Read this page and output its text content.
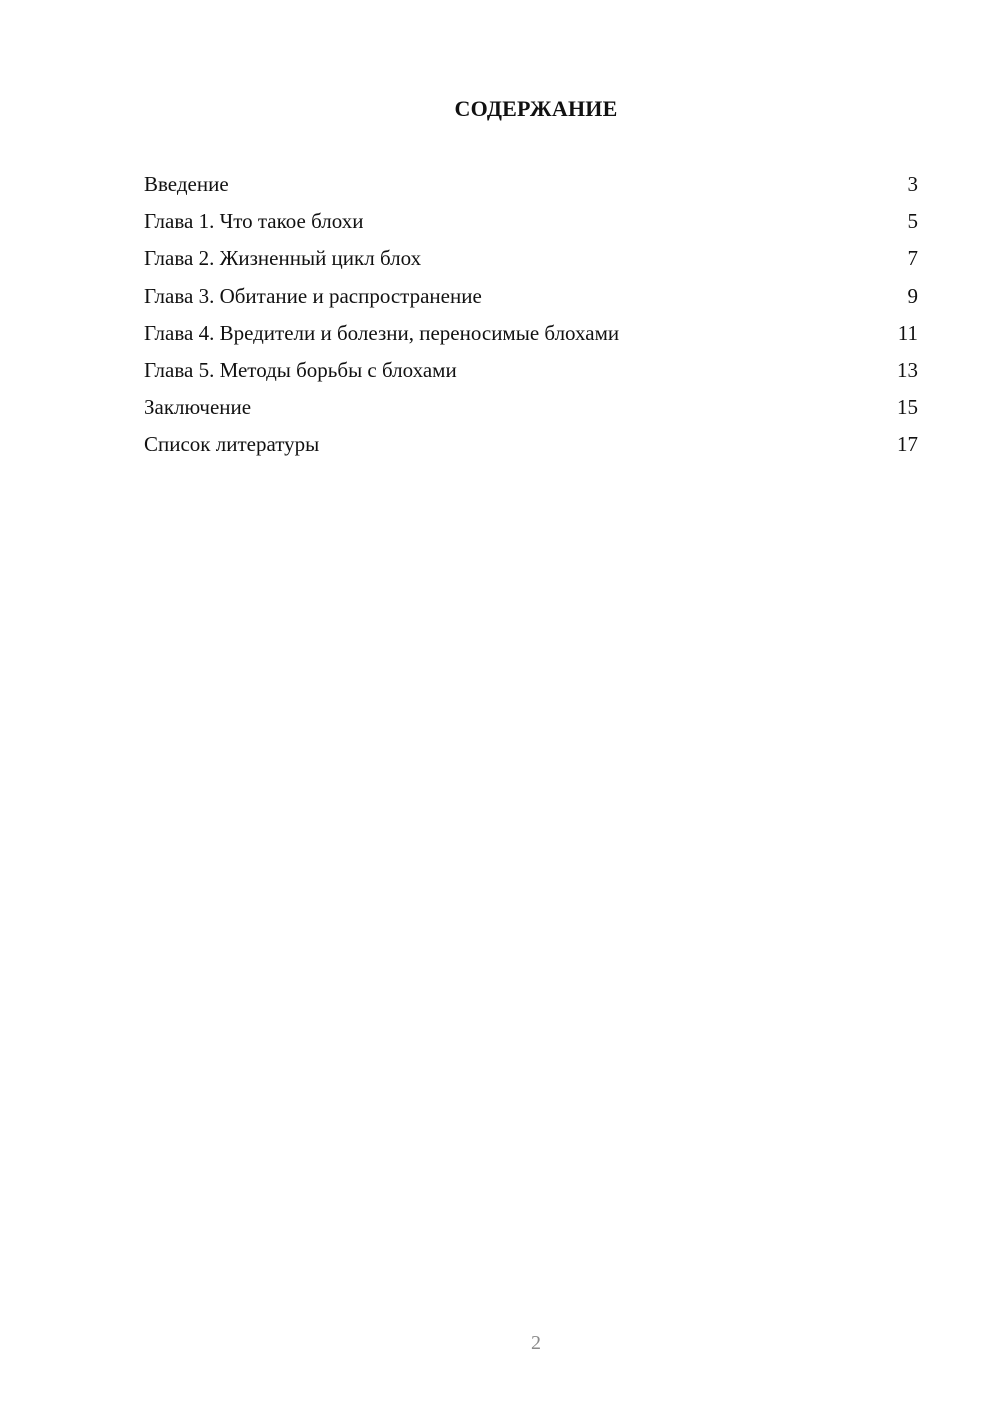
СОДЕРЖАНИЕ
Введение	3
Глава 1. Что такое блохи	5
Глава 2. Жизненный цикл блох	7
Глава 3. Обитание и распространение	9
Глава 4. Вредители и болезни, переносимые блохами	11
Глава 5. Методы борьбы с блохами	13
Заключение	15
Список литературы	17
2
